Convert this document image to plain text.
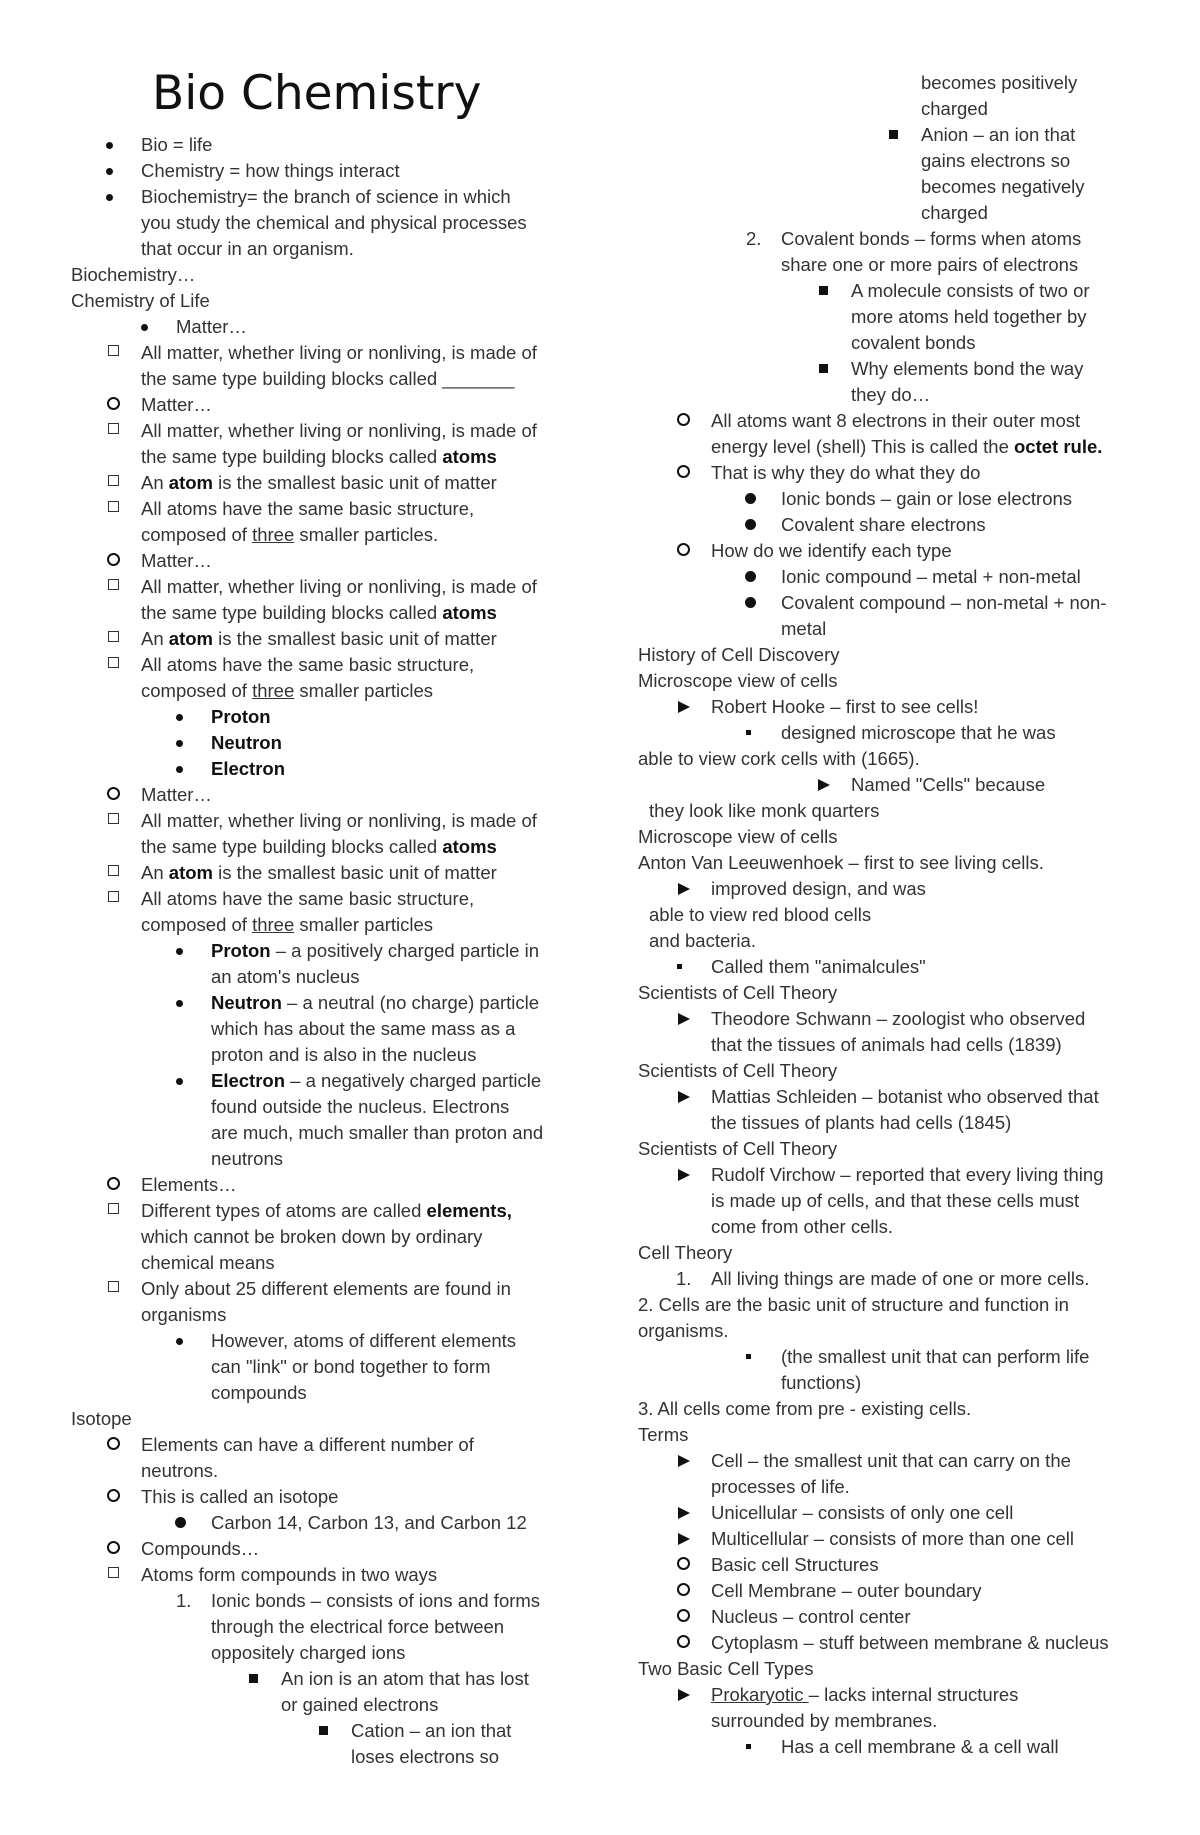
Bio Chemistry
Bio = life
Chemistry = how things interact
Biochemistry= the branch of science in which
you study the chemical and physical processes
that occur in an organism.
Biochemistry…
Chemistry of Life
Matter…
All matter, whether living or nonliving, is made of
the same type building blocks called _______
Matter…
All matter, whether living or nonliving, is made of
the same type building blocks called atoms
An atom is the smallest basic unit of matter
All atoms have the same basic structure,
composed of three smaller particles.
Matter…
All matter, whether living or nonliving, is made of
the same type building blocks called atoms
An atom is the smallest basic unit of matter
All atoms have the same basic structure,
composed of three smaller particles
Proton
Neutron
Electron
Matter…
All matter, whether living or nonliving, is made of
the same type building blocks called atoms
An atom is the smallest basic unit of matter
All atoms have the same basic structure,
composed of three smaller particles
Proton – a positively charged particle in
an atom's nucleus
Neutron – a neutral (no charge) particle
which has about the same mass as a
proton and is also in the nucleus
Electron – a negatively charged particle
found outside the nucleus. Electrons
are much, much smaller than proton and
neutrons
Elements…
Different types of atoms are called elements,
which cannot be broken down by ordinary
chemical means
Only about 25 different elements are found in
organisms
However, atoms of different elements
can "link" or bond together to form
compounds
Isotope
Elements can have a different number of
neutrons.
This is called an isotope
Carbon 14, Carbon 13, and Carbon 12
Compounds…
Atoms form compounds in two ways
1. Ionic bonds – consists of ions and forms
through the electrical force between
oppositely charged ions
An ion is an atom that has lost
or gained electrons
Cation – an ion that
loses electrons so
becomes positively
charged
Anion – an ion that
gains electrons so
becomes negatively
charged
2. Covalent bonds – forms when atoms
share one or more pairs of electrons
A molecule consists of two or
more atoms held together by
covalent bonds
Why elements bond the way
they do…
All atoms want 8 electrons in their outer most
energy level (shell) This is called the octet rule.
That is why they do what they do
Ionic bonds – gain or lose electrons
Covalent share electrons
How do we identify each type
Ionic compound – metal + non-metal
Covalent compound – non-metal + non-
metal
History of Cell Discovery
Microscope view of cells
Robert Hooke – first to see cells!
designed microscope that he was
able to view cork cells with (1665).
Named "Cells" because
they look like monk quarters
Microscope view of cells
Anton Van Leeuwenhoek – first to see living cells.
improved design, and was
able to view red blood cells
and bacteria.
Called them "animalcules"
Scientists of Cell Theory
Theodore Schwann – zoologist who observed
that the tissues of animals had cells (1839)
Scientists of Cell Theory
Mattias Schleiden – botanist who observed that
the tissues of plants had cells (1845)
Scientists of Cell Theory
Rudolf Virchow – reported that every living thing
is made up of cells, and that these cells must
come from other cells.
Cell Theory
1. All living things are made of one or more cells.
2. Cells are the basic unit of structure and function in
organisms.
(the smallest unit that can perform life
functions)
3. All cells come from pre - existing cells.
Terms
Cell – the smallest unit that can carry on the
processes of life.
Unicellular – consists of only one cell
Multicellular – consists of more than one cell
Basic cell Structures
Cell Membrane – outer boundary
Nucleus – control center
Cytoplasm – stuff between membrane & nucleus
Two Basic Cell Types
Prokaryotic – lacks internal structures
surrounded by membranes.
Has a cell membrane & a cell wall
